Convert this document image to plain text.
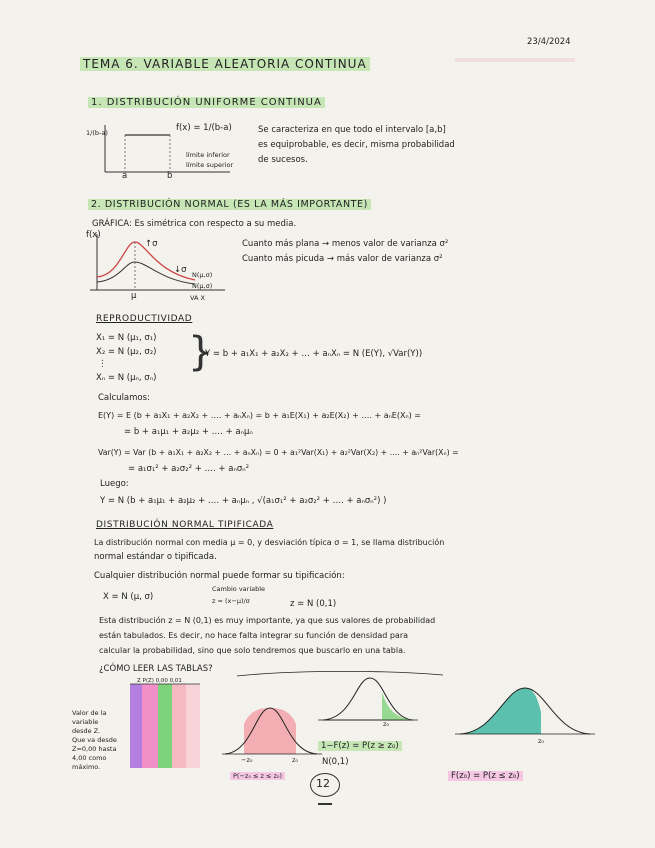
23/4/2024
TEMA 6. VARIABLE ALEATORIA CONTINUA
1. DISTRIBUCIÓN UNIFORME CONTINUA
1/(b-a)	f(x) = 1/(b-a)
a	b
límite inferior
límite superior
Se caracteriza en que todo el intervalo [a,b]
es equiprobable, es decir, misma probabilidad
de sucesos.
2. DISTRIBUCIÓN NORMAL (ES LA MÁS IMPORTANTE)
GRÁFICA: Es simétrica con respecto a su media.
f(x)
↑σ
↓σ N(μ,σ)
N(μ,σ)
μ	VA X
Cuanto más plana → menos valor de varianza σ²
Cuanto más picuda → más valor de varianza σ²
REPRODUCTIVIDAD
X₁ = N (μ₁, σ₁)
X₂ = N (μ₂, σ₂)
⋮
Xₙ = N (μₙ, σₙ)
}
Y = b + a₁X₁ + a₂X₂ + … + aₙXₙ = N (E(Y), √Var(Y))
Calculamos:
E(Y) = E (b + a₁X₁ + a₂X₂ + …. + aₙXₙ) = b + a₁E(X₁) + a₂E(X₂) + …. + aₙE(Xₙ) =
= b + a₁μ₁ + a₂μ₂ + …. + aₙμₙ
Var(Y) = Var (b + a₁X₁ + a₂X₂ + … + aₙXₙ) = 0 + a₁²Var(X₁) + a₂²Var(X₂) + …. + aₙ²Var(Xₙ) =
= a₁σ₁² + a₂σ₂² + …. + aₙσₙ²
Luego:
Y = N (b + a₁μ₁ + a₂μ₂ + …. + aₙμₙ , √(a₁σ₁² + a₂σ₂² + …. + aₙσₙ²) )
DISTRIBUCIÓN NORMAL TIPIFICADA
La distribución normal con media μ = 0, y desviación típica σ = 1, se llama distribución
normal estándar o tipificada.
Cualquier distribución normal puede formar su tipificación:
X = N (μ, σ)
Cambio variable
z = (x−μ)/σ	z = N (0,1)
Esta distribución z = N (0,1) es muy importante, ya que sus valores de probabilidad
están tabulados. Es decir, no hace falta integrar su función de densidad para
calcular la probabilidad, sino que solo tendremos que buscarlo en una tabla.
¿CÓMO LEER LAS TABLAS?
Z P(Z) 0,00 0,01
Valor de la
variable
desde Z.
Que va desde
Z=0,00 hasta
4,00 como
máximo.
z₀
1−F(z) = P(z ≥ z₀)
N(0,1)
−z₀	z₀
P(−z₀ ≤ z ≤ z₀)
z₀
F(z₀) = P(z ≤ z₀)
12
